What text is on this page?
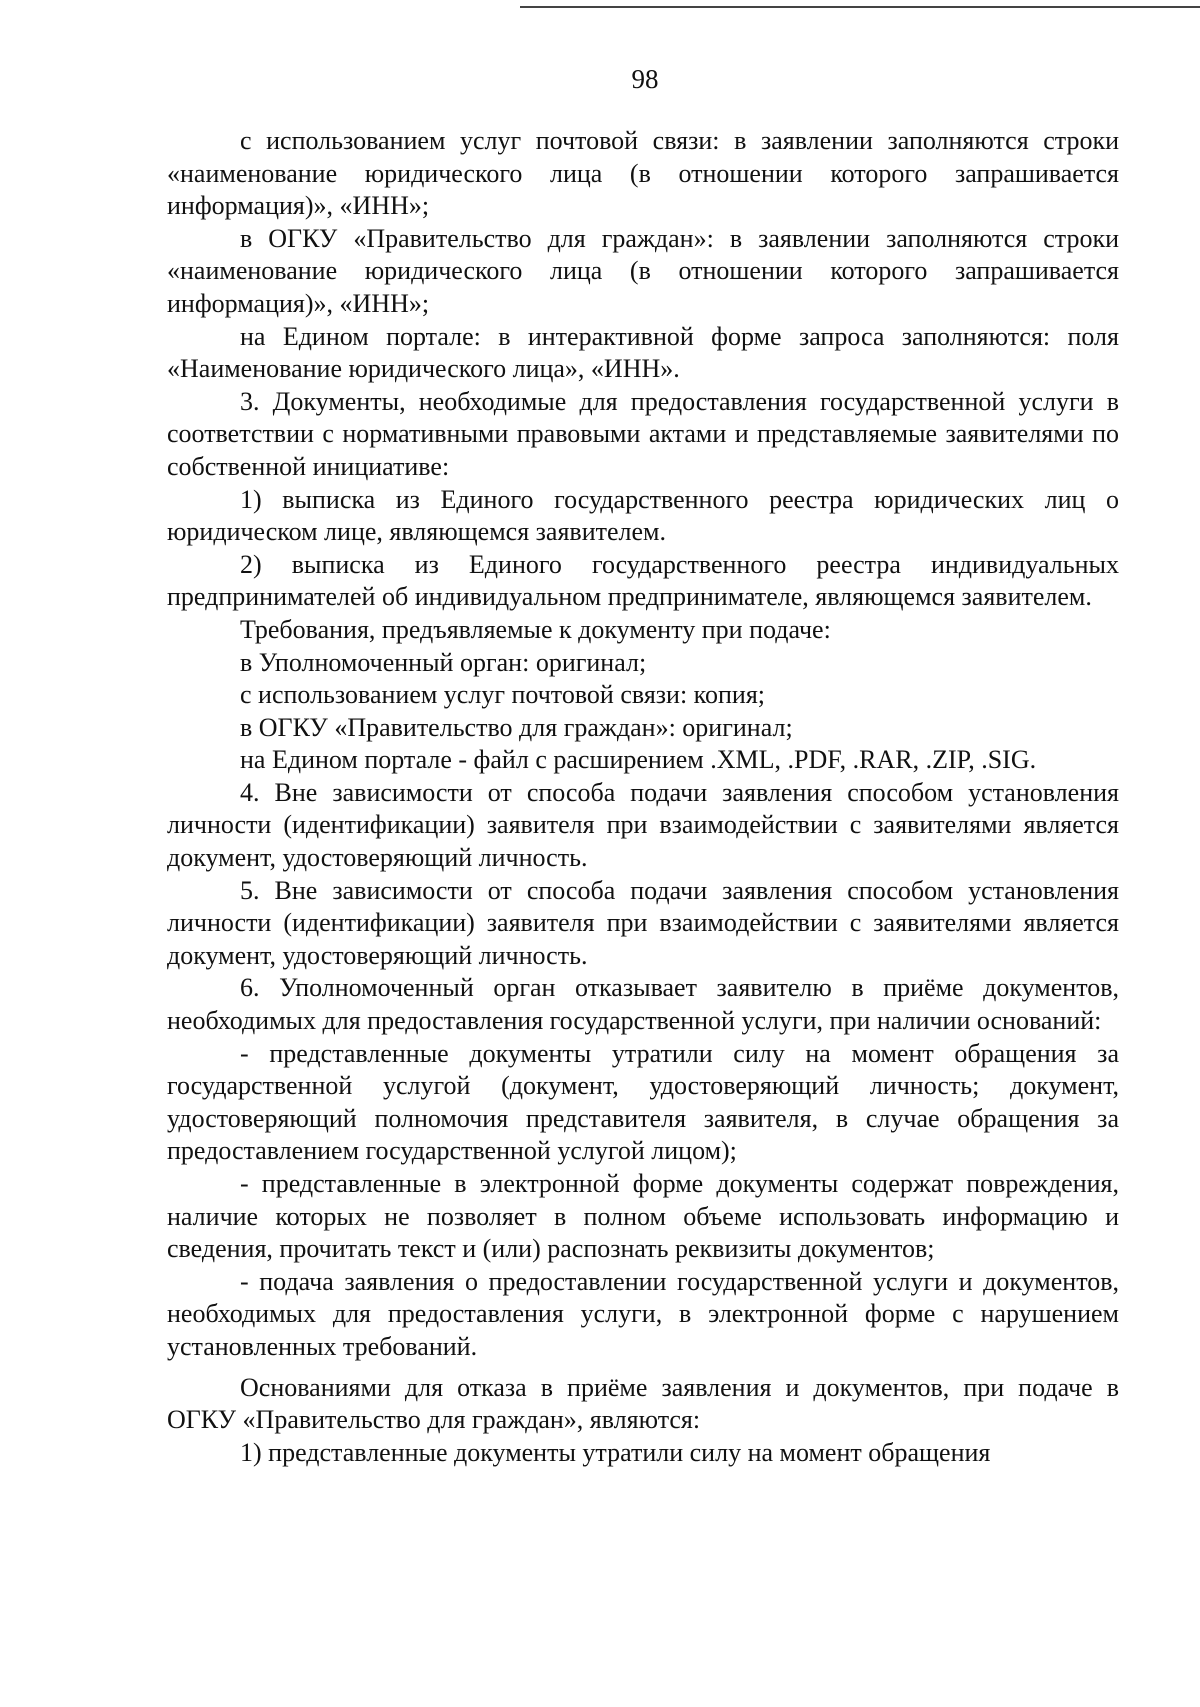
98

с использованием услуг почтовой связи: в заявлении заполняются строки «наименование юридического лица (в отношении которого запрашивается информация)», «ИНН»;

в ОГКУ «Правительство для граждан»: в заявлении заполняются строки «наименование юридического лица (в отношении которого запрашивается информация)», «ИНН»;

на Едином портале: в интерактивной форме запроса заполняются: поля «Наименование юридического лица», «ИНН».

3. Документы, необходимые для предоставления государственной услуги в соответствии с нормативными правовыми актами и представляемые заявителями по собственной инициативе:

1) выписка из Единого государственного реестра юридических лиц о юридическом лице, являющемся заявителем.

2) выписка из Единого государственного реестра индивидуальных предпринимателей об индивидуальном предпринимателе, являющемся заявителем.

Требования, предъявляемые к документу при подаче:

в Уполномоченный орган: оригинал;

с использованием услуг почтовой связи: копия;

в ОГКУ «Правительство для граждан»: оригинал;

на Едином портале - файл с расширением .XML, .PDF, .RAR, .ZIP, .SIG.

4. Вне зависимости от способа подачи заявления способом установления личности (идентификации) заявителя при взаимодействии с заявителями является документ, удостоверяющий личность.

5. Вне зависимости от способа подачи заявления способом установления личности (идентификации) заявителя при взаимодействии с заявителями является документ, удостоверяющий личность.

6. Уполномоченный орган отказывает заявителю в приёме документов, необходимых для предоставления государственной услуги, при наличии оснований:

- представленные документы утратили силу на момент обращения за государственной услугой (документ, удостоверяющий личность; документ, удостоверяющий полномочия представителя заявителя, в случае обращения за предоставлением государственной услугой лицом);

- представленные в электронной форме документы содержат повреждения, наличие которых не позволяет в полном объеме использовать информацию и сведения, прочитать текст и (или) распознать реквизиты документов;

- подача заявления о предоставлении государственной услуги и документов, необходимых для предоставления услуги, в электронной форме с нарушением установленных требований.

Основаниями для отказа в приёме заявления и документов, при подаче в ОГКУ «Правительство для граждан», являются:

1) представленные документы утратили силу на момент обращения
